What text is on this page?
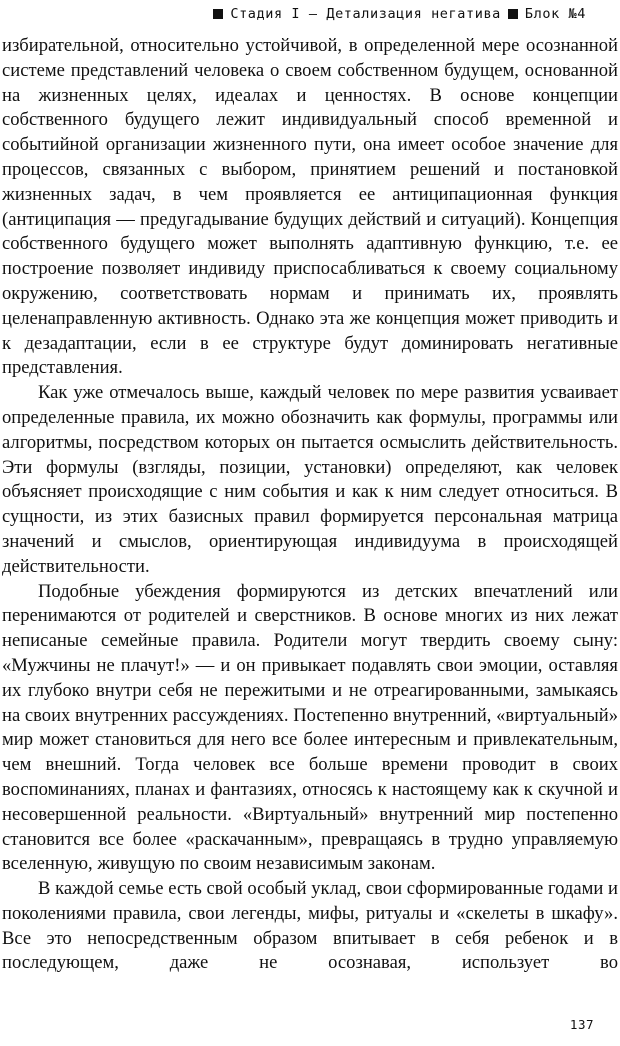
Стадия I — Детализация негатива Блок №4

избирательной, относительно устойчивой, в определенной мере осознанной системе представлений человека о своем собственном будущем, основанной на жизненных целях, идеалах и ценностях. В основе концепции собственного будущего лежит индивидуальный способ временной и событийной организации жизненного пути, она имеет особое значение для процессов, связанных с выбором, принятием решений и постановкой жизненных задач, в чем проявляется ее антиципационная функция (антиципация — предугадывание будущих действий и ситуаций). Концепция собственного будущего может выполнять адаптивную функцию, т.е. ее построение позволяет индивиду приспосабливаться к своему социальному окружению, соответствовать нормам и принимать их, проявлять целенаправленную активность. Однако эта же концепция может приводить и к дезадаптации, если в ее структуре будут доминировать негативные представления.

Как уже отмечалось выше, каждый человек по мере развития усваивает определенные правила, их можно обозначить как формулы, программы или алгоритмы, посредством которых он пытается осмыслить действительность. Эти формулы (взгляды, позиции, установки) определяют, как человек объясняет происходящие с ним события и как к ним следует относиться. В сущности, из этих базисных правил формируется персональная матрица значений и смыслов, ориентирующая индивидуума в происходящей действительности.

Подобные убеждения формируются из детских впечатлений или перенимаются от родителей и сверстников. В основе многих из них лежат неписаные семейные правила. Родители могут твердить своему сыну: «Мужчины не плачут!» — и он привыкает подавлять свои эмоции, оставляя их глубоко внутри себя не пережитыми и не отреагированными, замыкаясь на своих внутренних рассуждениях. Постепенно внутренний, «виртуальный» мир может становиться для него все более интересным и привлекательным, чем внешний. Тогда человек все больше времени проводит в своих воспоминаниях, планах и фантазиях, относясь к настоящему как к скучной и несовершенной реальности. «Виртуальный» внутренний мир постепенно становится все более «раскачанным», превращаясь в трудно управляемую вселенную, живущую по своим независимым законам.

В каждой семье есть свой особый уклад, свои сформированные годами и поколениями правила, свои легенды, мифы, ритуалы и «скелеты в шкафу». Все это непосредственным образом впитывает в себя ребенок и в последующем, даже не осознавая, использует во

137
